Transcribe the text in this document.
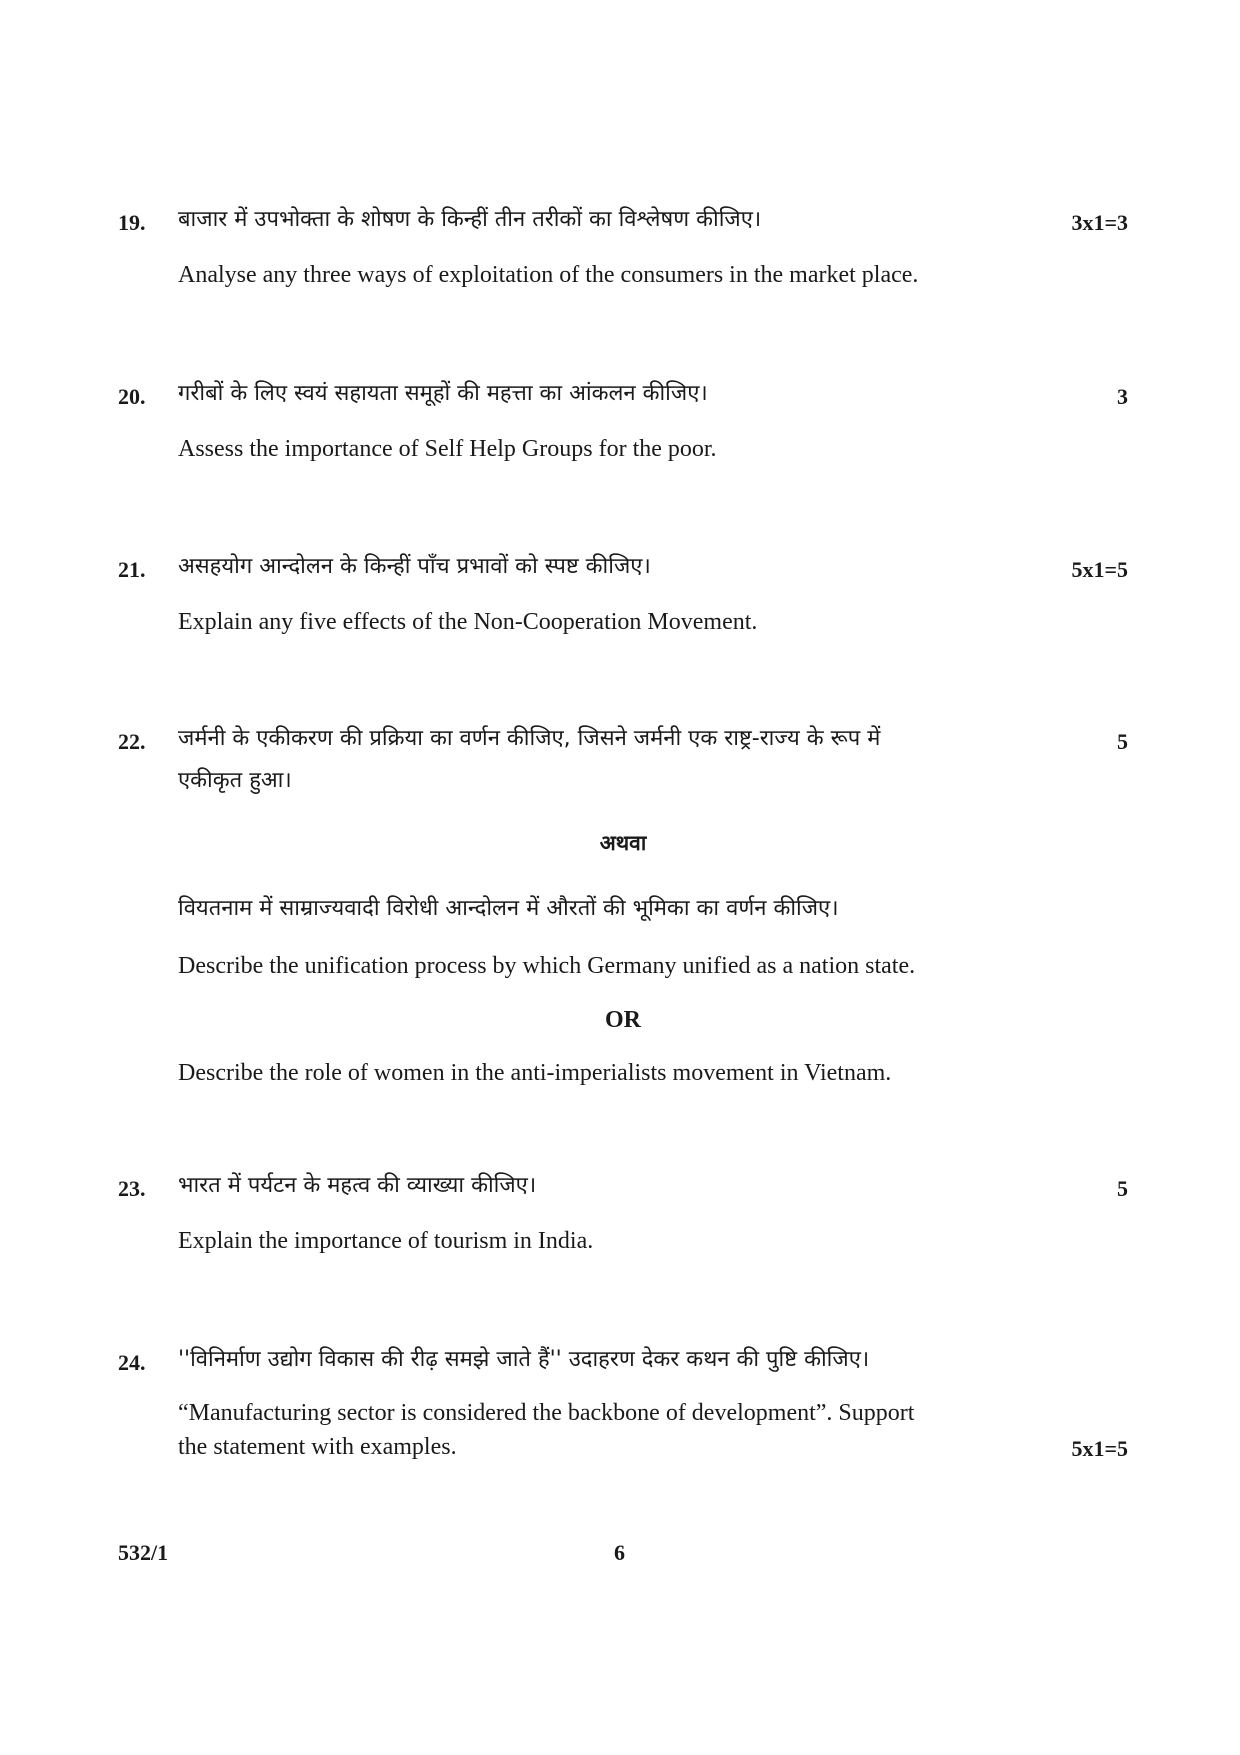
19. बाजार में उपभोक्ता के शोषण के किन्हीं तीन तरीकों का विश्लेषण कीजिए।	3x1=3
Analyse any three ways of exploitation of the consumers in the market place.
20. गरीबों के लिए स्वयं सहायता समूहों की महत्ता का आंकलन कीजिए।	3
Assess the importance of Self Help Groups for the poor.
21. असहयोग आन्दोलन के किन्हीं पाँच प्रभावों को स्पष्ट कीजिए।	5x1=5
Explain any five effects of the Non-Cooperation Movement.
22. जर्मनी के एकीकरण की प्रक्रिया का वर्णन कीजिए, जिसने जर्मनी एक राष्ट्र-राज्य के रूप में	5
एकीकृत हुआ।
अथवा
वियतनाम में साम्राज्यवादी विरोधी आन्दोलन में औरतों की भूमिका का वर्णन कीजिए।
Describe the unification process by which Germany unified as a nation state.
OR
Describe the role of women in the anti-imperialists movement in Vietnam.
23. भारत में पर्यटन के महत्व की व्याख्या कीजिए।	5
Explain the importance of tourism in India.
24. ''विनिर्माण उद्योग विकास की रीढ़ समझे जाते हैं'' उदाहरण देकर कथन की पुष्टि कीजिए।
“Manufacturing sector is considered the backbone of development”. Support
the statement with examples.	5x1=5
532/1	6
